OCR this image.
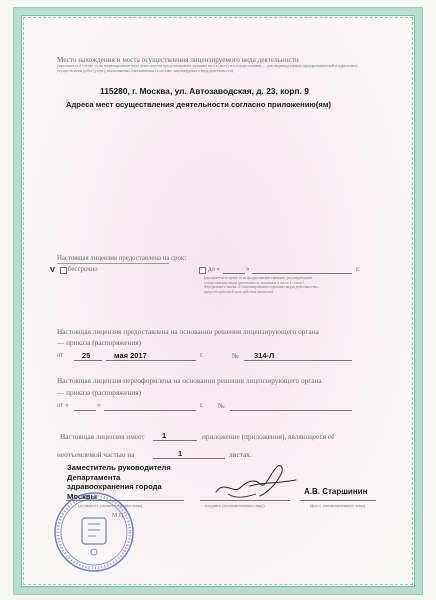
Место нахождения и места осуществления лицензируемого вида деятельности
(заполняется в случае, если лицензирование вида деятельности предусматривает указание места (мест) его осуществления — для индивидуальных предпринимателей и адреса мест осуществления работ (услуг), выполняемых (оказываемых) в составе лицензируемого вида деятельности)
115280, г. Москва, ул. Автозаводская, д. 23, корп. 9
Адреса мест осуществления деятельности согласно приложению(ям)
Настоящая лицензия предоставлена на срок:
V бессрочно	до «	»	г.
(указывается в случае, если федеральными законами, регулирующими осуществление видов деятельности, указанных в части 4 статьи 1 Федерального закона «О лицензировании отдельных видов деятельности», предусмотрен иной срок действия лицензии)
Настоящая лицензия предоставлена на основании решения лицензирующего органа
— приказа (распоряжения)
от 25	мая 2017	г.	№ 314-Л
Настоящая лицензия переоформлена на основании решения лицензирующего органа
— приказа (распоряжения)
от «	»	г. №
Настоящая лицензия имеет 1	приложение (приложения), являющееся её
неотъемлемой частью на	1	листах.
Заместитель руководителя
Департамента
здравоохранения города
Москвы
(должность уполномоченного лица)	(подпись уполномоченного лица)
А.В. Старшинин
(ф.и.о. уполномоченного лица)
М.П.
